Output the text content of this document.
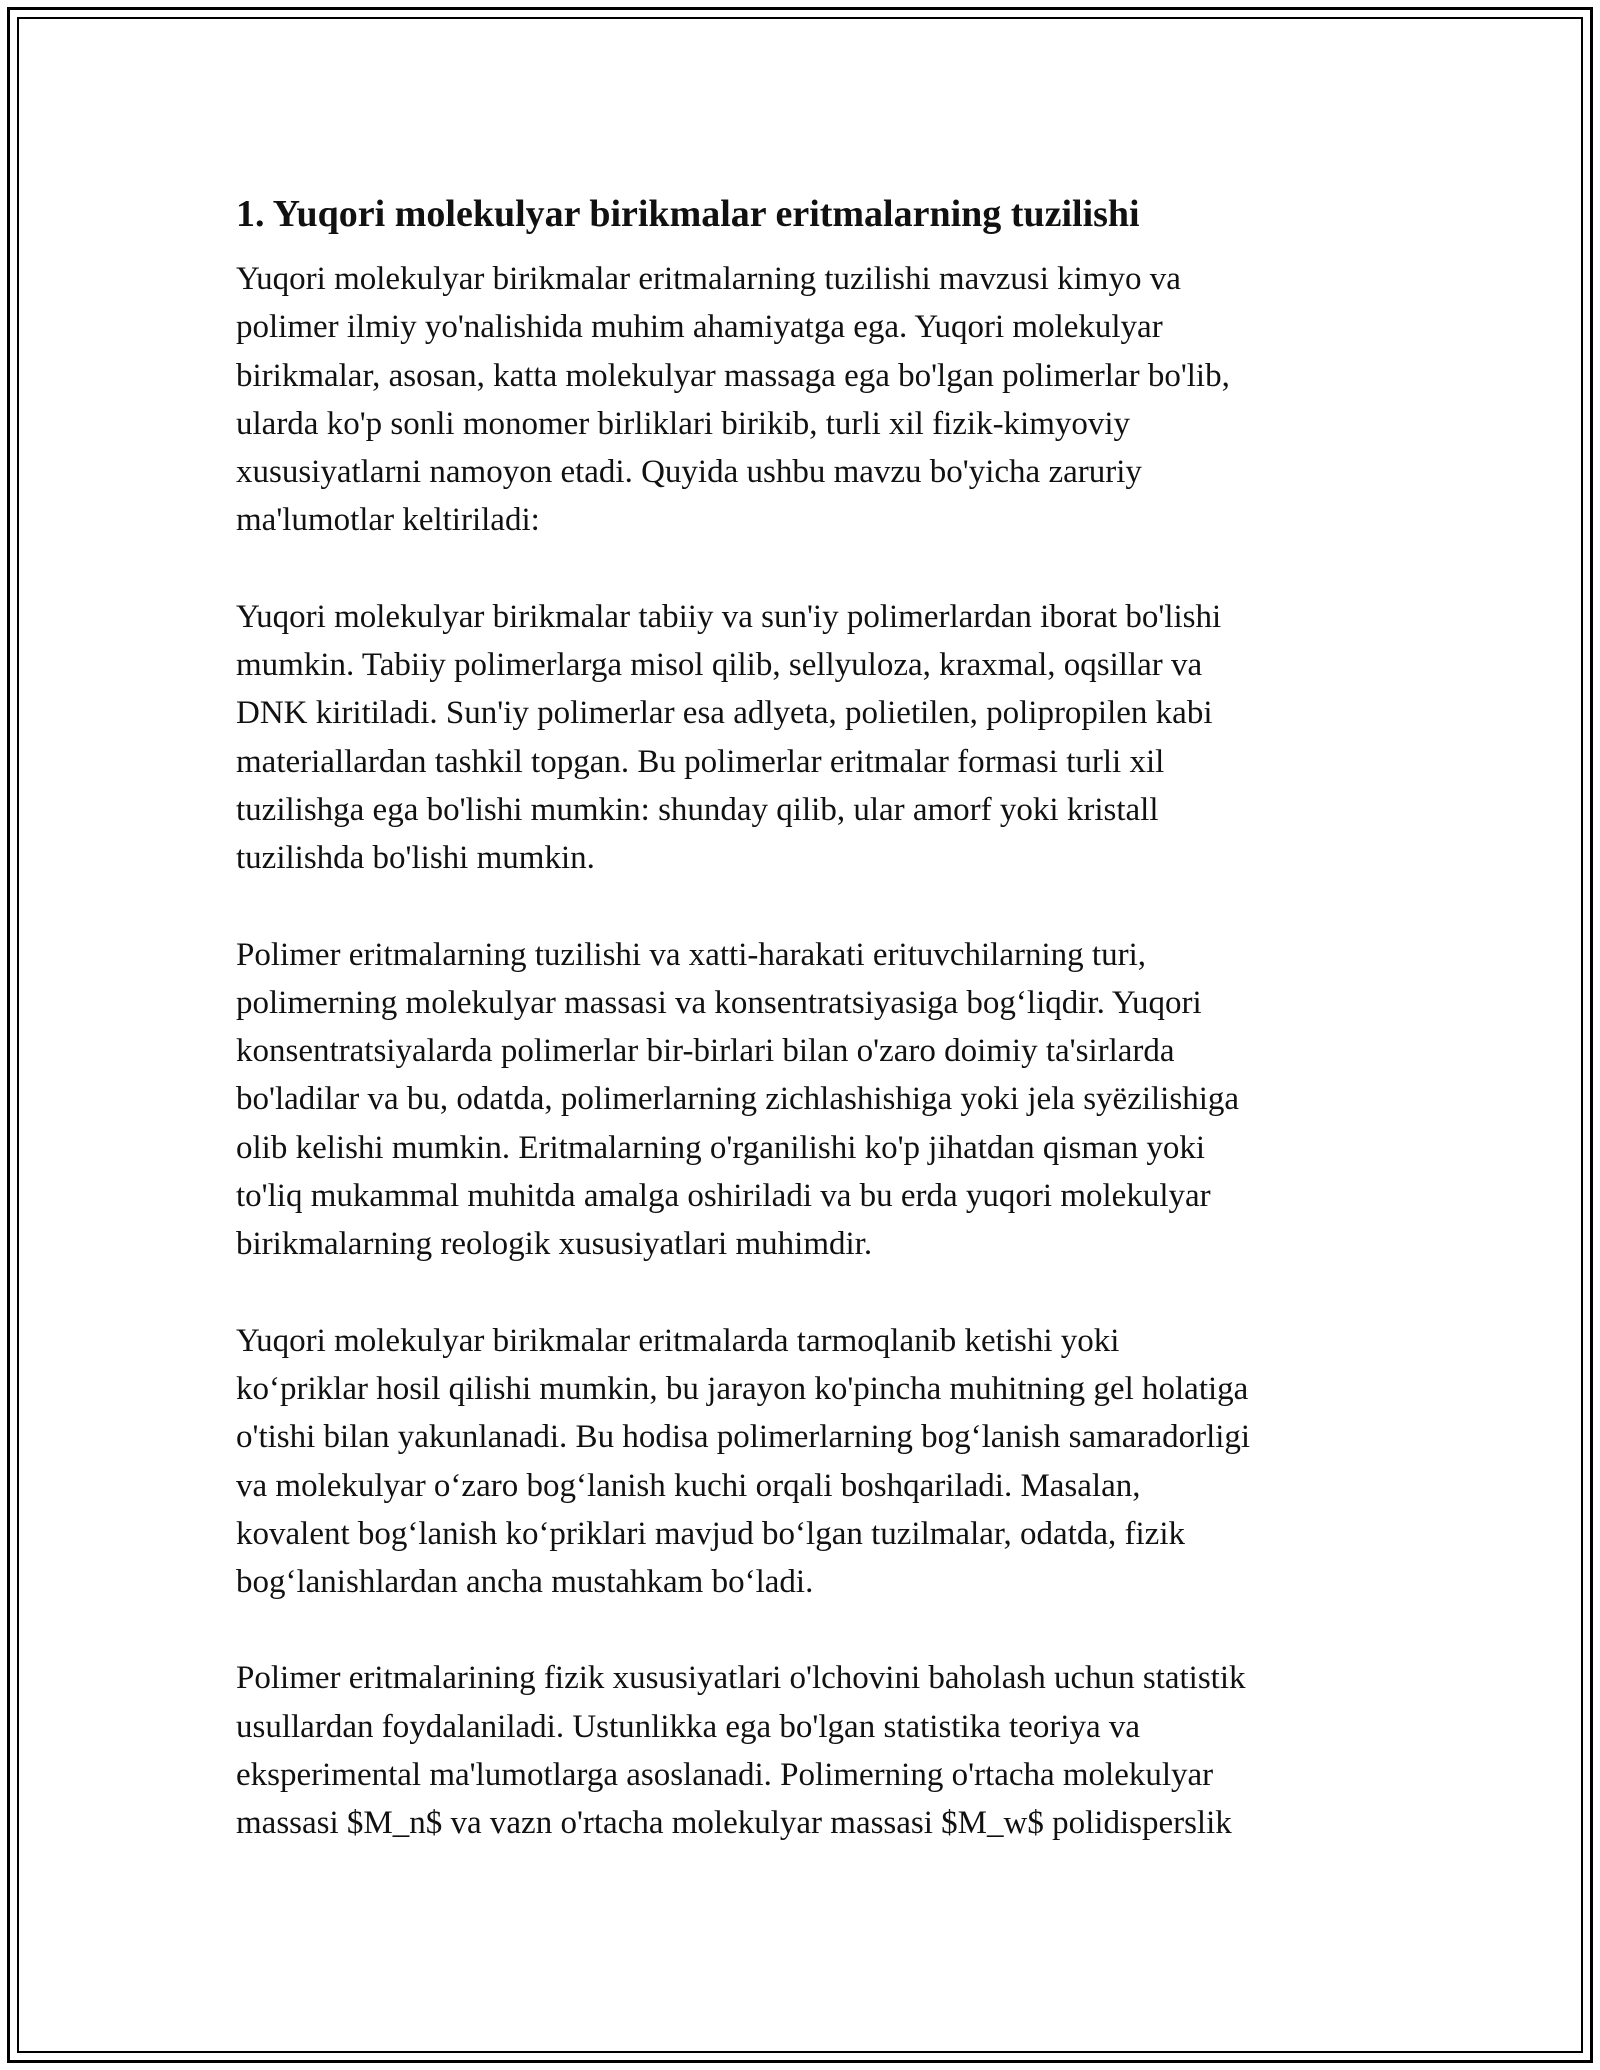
1. Yuqori molekulyar birikmalar eritmalarning tuzilishi

Yuqori molekulyar birikmalar eritmalarning tuzilishi mavzusi kimyo va
polimer ilmiy yo'nalishida muhim ahamiyatga ega. Yuqori molekulyar
birikmalar, asosan, katta molekulyar massaga ega bo'lgan polimerlar bo'lib,
ularda ko'p sonli monomer birliklari birikib, turli xil fizik-kimyoviy
xususiyatlarni namoyon etadi. Quyida ushbu mavzu bo'yicha zaruriy
ma'lumotlar keltiriladi:

Yuqori molekulyar birikmalar tabiiy va sun'iy polimerlardan iborat bo'lishi
mumkin. Tabiiy polimerlarga misol qilib, sellyuloza, kraxmal, oqsillar va
DNK kiritiladi. Sun'iy polimerlar esa adlyeta, polietilen, polipropilen kabi
materiallardan tashkil topgan. Bu polimerlar eritmalar formasi turli xil
tuzilishga ega bo'lishi mumkin: shunday qilib, ular amorf yoki kristall
tuzilishda bo'lishi mumkin.

Polimer eritmalarning tuzilishi va xatti-harakati erituvchilarning turi,
polimerning molekulyar massasi va konsentratsiyasiga bog‘liqdir. Yuqori
konsentratsiyalarda polimerlar bir-birlari bilan o'zaro doimiy ta'sirlarda
bo'ladilar va bu, odatda, polimerlarning zichlashishiga yoki jela syëzilishiga
olib kelishi mumkin. Eritmalarning o'rganilishi ko'p jihatdan qisman yoki
to'liq mukammal muhitda amalga oshiriladi va bu erda yuqori molekulyar
birikmalarning reologik xususiyatlari muhimdir.

Yuqori molekulyar birikmalar eritmalarda tarmoqlanib ketishi yoki
ko‘priklar hosil qilishi mumkin, bu jarayon ko'pincha muhitning gel holatiga
o'tishi bilan yakunlanadi. Bu hodisa polimerlarning bog‘lanish samaradorligi
va molekulyar o‘zaro bog‘lanish kuchi orqali boshqariladi. Masalan,
kovalent bog‘lanish ko‘priklari mavjud bo‘lgan tuzilmalar, odatda, fizik
bog‘lanishlardan ancha mustahkam bo‘ladi.

Polimer eritmalarining fizik xususiyatlari o'lchovini baholash uchun statistik
usullardan foydalaniladi. Ustunlikka ega bo'lgan statistika teoriya va
eksperimental ma'lumotlarga asoslanadi. Polimerning o'rtacha molekulyar
massasi $M_n$ va vazn o'rtacha molekulyar massasi $M_w$ polidisperslik
